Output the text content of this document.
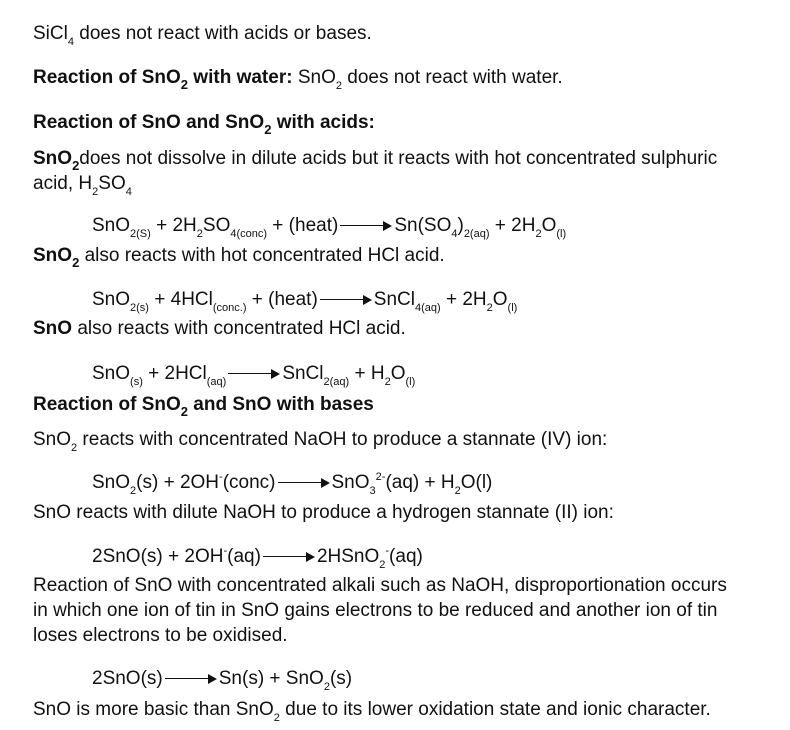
SiCl$_4$ does not react with acids or bases.
Reaction of SnO$_2$ with water: SnO$_2$ does not react with water.
Reaction of SnO and SnO$_2$ with acids:
SnO$_2$does not dissolve in dilute acids but it reacts with hot concentrated sulphuric
acid, $H_2SO_4$
$SnO_{2(S)} + 2H_2SO_{4(conc)}$ + (heat)	$Sn(SO_4)_{2(aq)} + 2H_2O_{(l)}$
SnO$_2$ also reacts with hot concentrated HCl acid.
SnO$_{2(s)}$ + 4HCl$_{(conc.)}$ + (heat)	SnCl$_{4(aq)}$ + $2H_2O_{(l)}$
SnO also reacts with concentrated HCl acid.
SnO$_{(s)}$ + 2HCl$_{(aq)}$	SnCl$_{2(aq)}$ + $H_2O_{(l)}$
Reaction of SnO$_2$ and SnO with bases
SnO$_2$ reacts with concentrated NaOH to produce a stannate (IV) ion:
SnO$_2$(s) + 2OH-(conc)	$SnO_3^{2-}(aq) + H_2O(l)$
SnO reacts with dilute NaOH to produce a hydrogen stannate (II) ion:
2SnO(s) + 2OH-(aq)	2HSnO$_2$-(aq)
Reaction of SnO with concentrated alkali such as NaOH, disproportionation occurs
in which one ion of tin in SnO gains electrons to be reduced and another ion of tin
loses electrons to be oxidised.
2SnO(s)	Sn(s) + SnO$_2$(s)
SnO is more basic than SnO$_2$ due to its lower oxidation state and ionic character.
